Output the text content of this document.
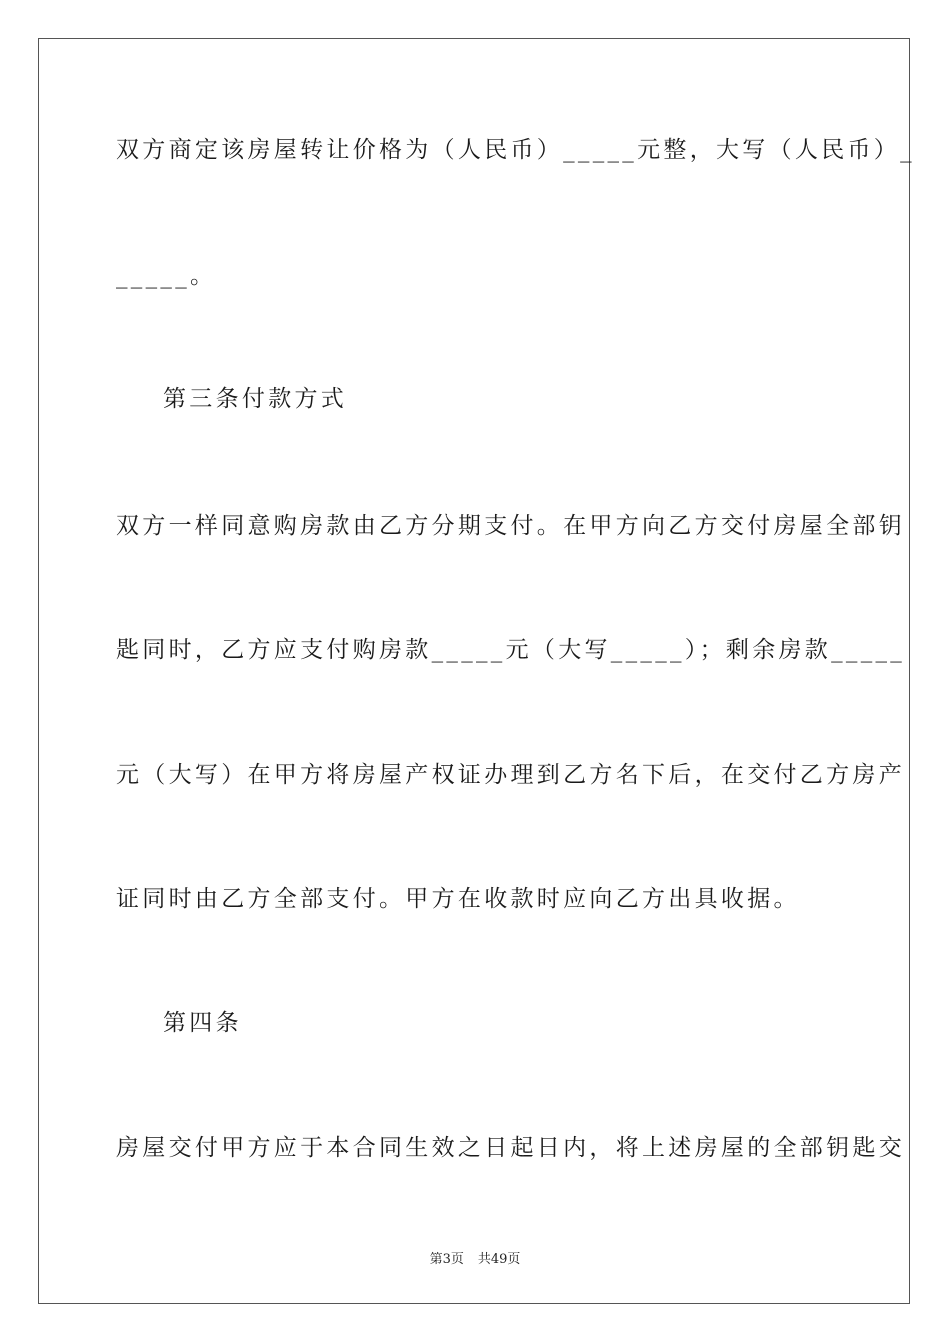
双方商定该房屋转让价格为（人民币）_____元整，大写（人民币）_
_____。
第三条付款方式
双方一样同意购房款由乙方分期支付。在甲方向乙方交付房屋全部钥
匙同时，乙方应支付购房款_____元（大写_____）；剩余房款_____
元（大写）在甲方将房屋产权证办理到乙方名下后，在交付乙方房产
证同时由乙方全部支付。甲方在收款时应向乙方出具收据。
第四条
房屋交付甲方应于本合同生效之日起日内，将上述房屋的全部钥匙交
第3页 共49页
